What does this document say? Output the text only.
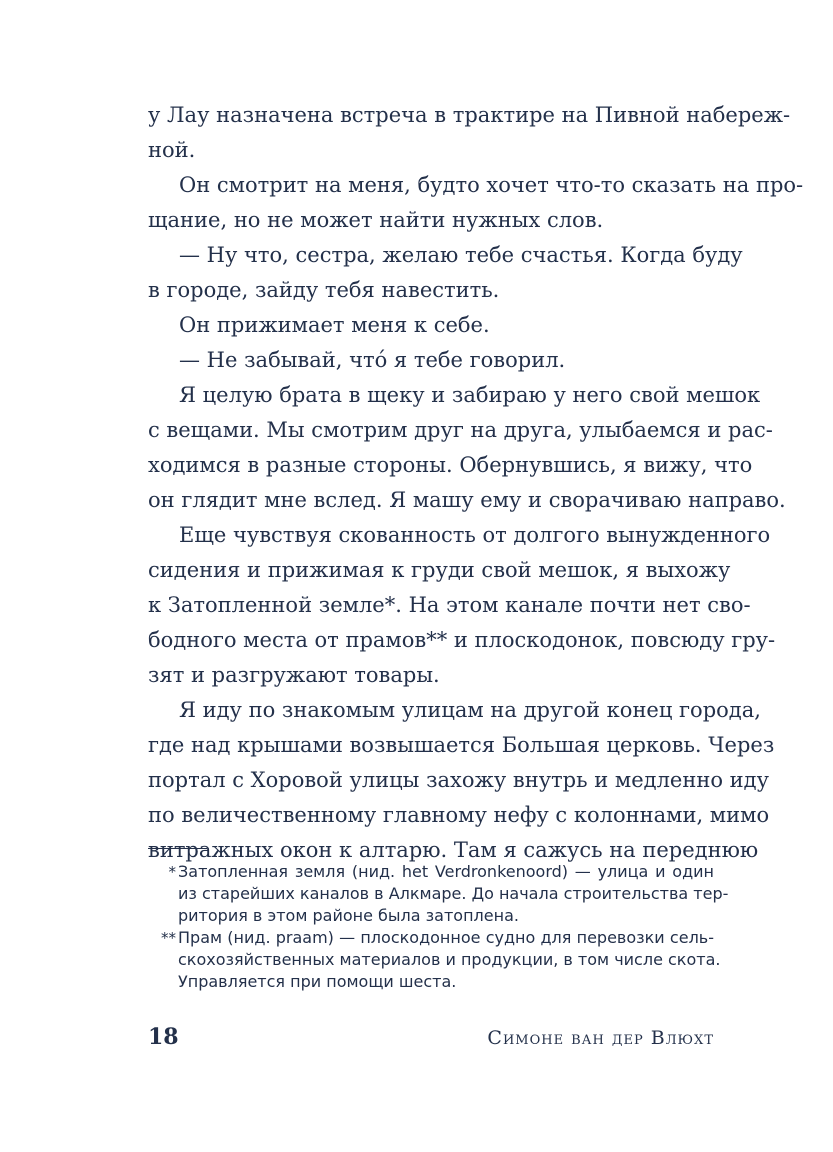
у Лау назначена встреча в трактире на Пивной набереж-
ной.
Он смотрит на меня, будто хочет что-то сказать на про-
щание, но не может найти нужных слов.
— Ну что, сестра, желаю тебе счастья. Когда буду
в городе, зайду тебя навестить.
Он прижимает меня к себе.
— Не забывай, что́ я тебе говорил.
Я целую брата в щеку и забираю у него свой мешок
с вещами. Мы смотрим друг на друга, улыбаемся и рас-
ходимся в разные стороны. Обернувшись, я вижу, что
он глядит мне вслед. Я машу ему и сворачиваю направо.
Еще чувствуя скованность от долгого вынужденного
сидения и прижимая к груди свой мешок, я выхожу
к Затопленной земле*. На этом канале почти нет сво-
бодного места от прамов** и плоскодонок, повсюду гру-
зят и разгружают товары.
Я иду по знакомым улицам на другой конец города,
где над крышами возвышается Большая церковь. Через
портал с Хоровой улицы захожу внутрь и медленно иду
по величественному главному нефу с колоннами, мимо
витражных окон к алтарю. Там я сажусь на переднюю
* Затопленная земля (нид. het Verdronkenoord) — улица и один
из старейших каналов в Алкмаре. До начала строительства тер-
ритория в этом районе была затоплена.
** Прам (нид. praam) — плоскодонное судно для перевозки сель-
скохозяйственных материалов и продукции, в том числе скота.
Управляется при помощи шеста.
18	Симоне ван дер Влюхт
